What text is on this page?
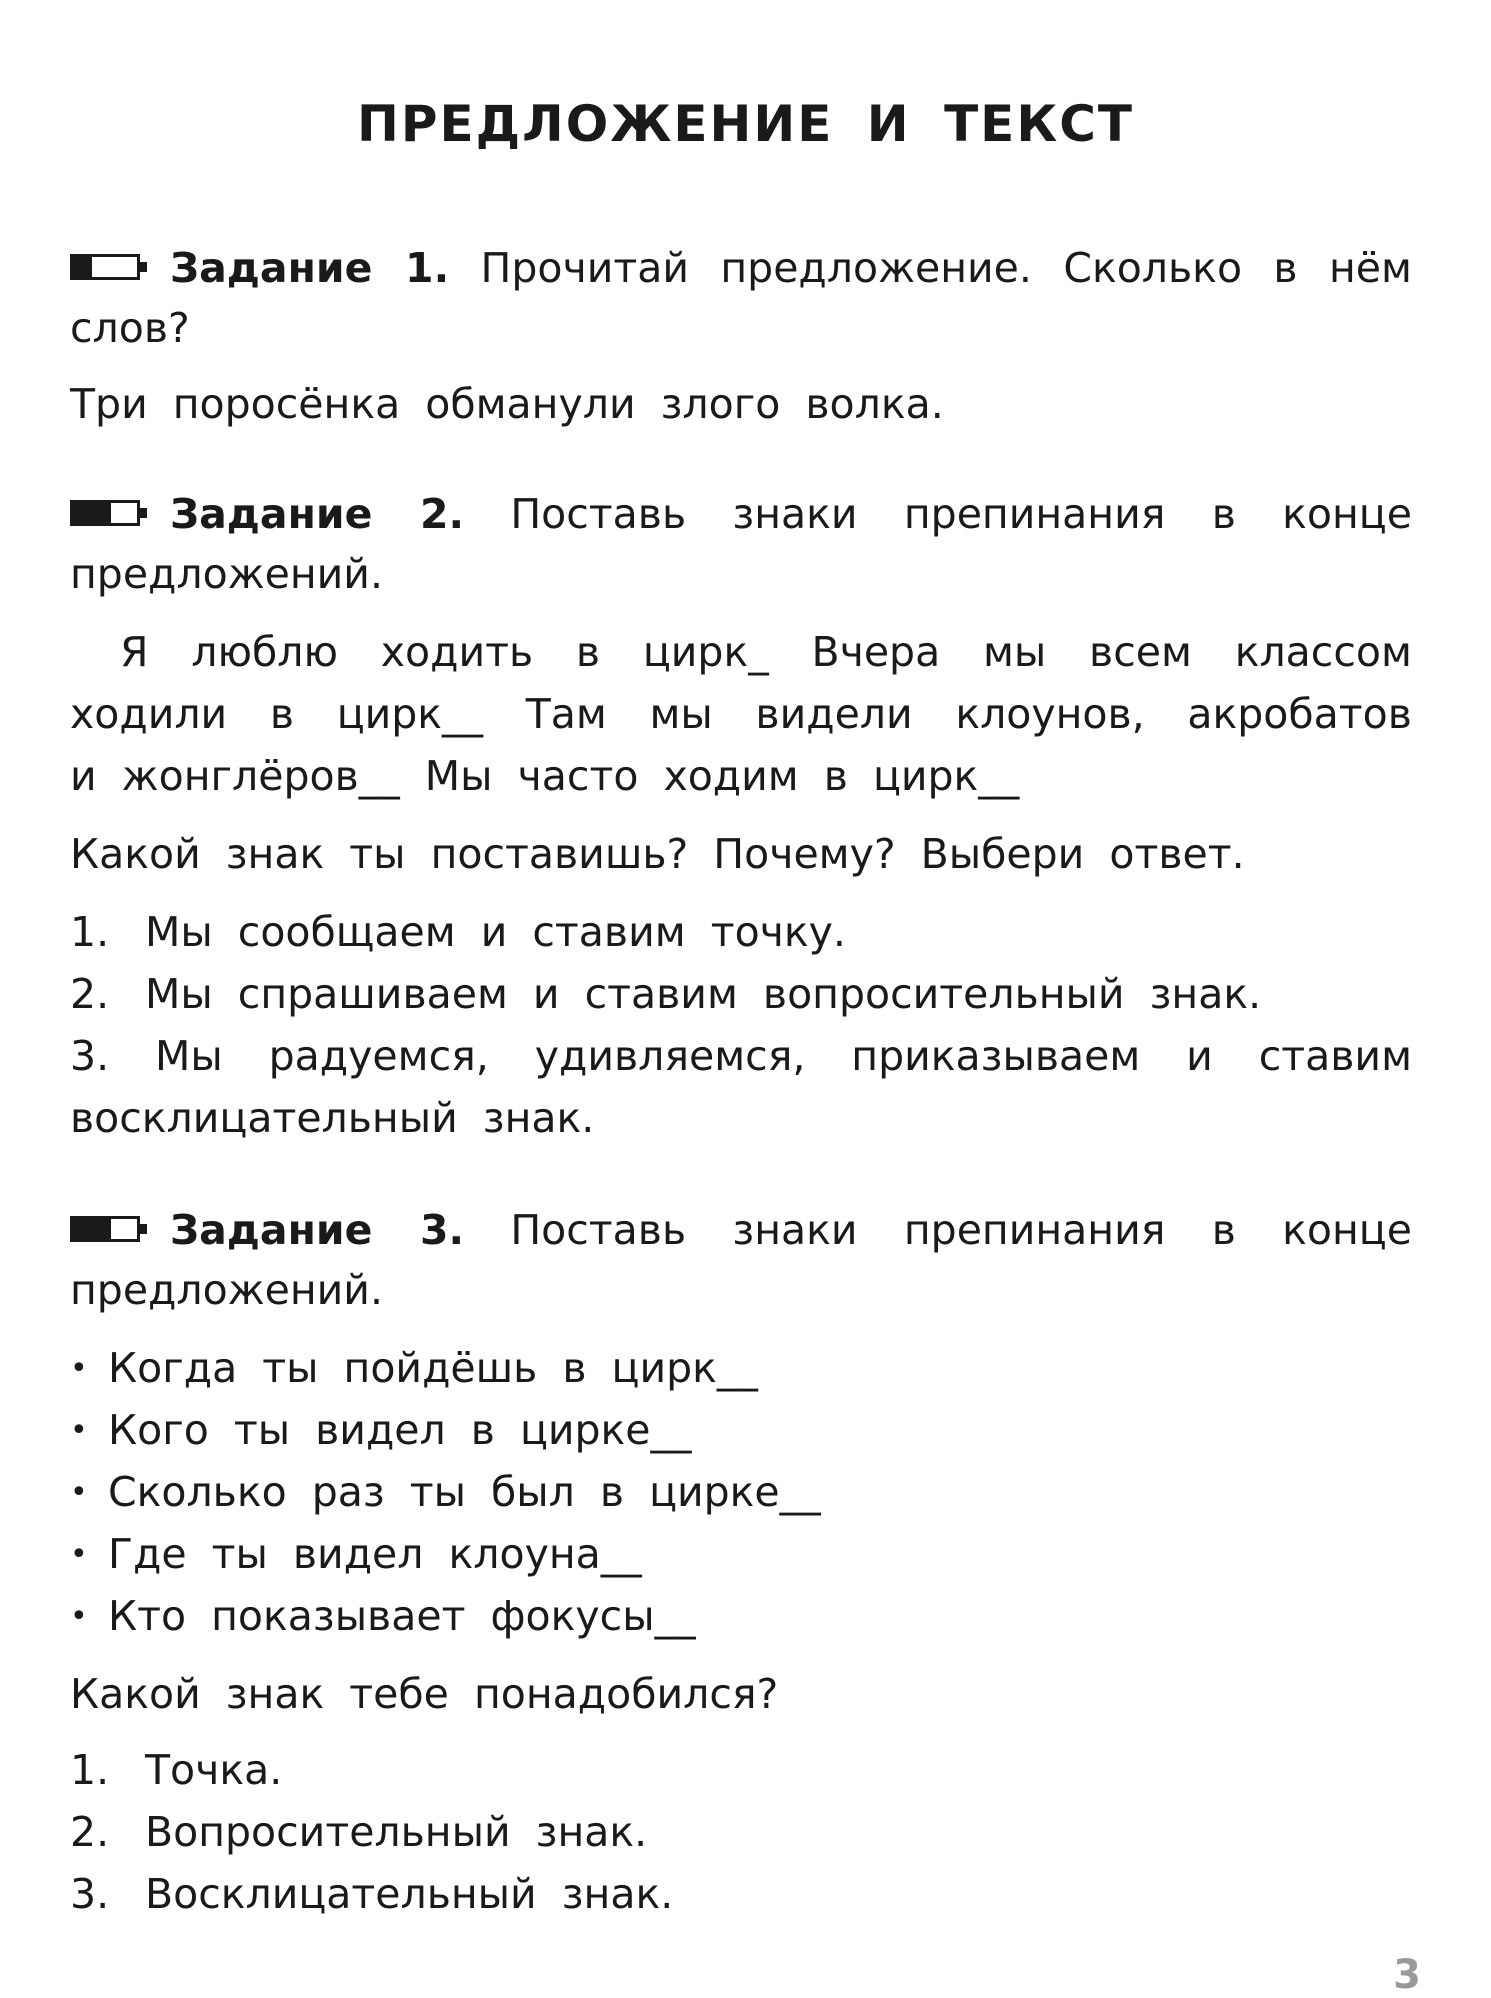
ПРЕДЛОЖЕНИЕ И ТЕКСТ
Задание 1. Прочитай предложение. Сколько в нём
слов?
Три поросёнка обманули злого волка.
Задание 2. Поставь знаки препинания в конце
предложений.
Я люблю ходить в цирк_ Вчера мы всем классом
ходили в цирк__ Там мы видели клоунов, акробатов
и жонглёров__ Мы часто ходим в цирк__
Какой знак ты поставишь? Почему? Выбери ответ.
1. Мы сообщаем и ставим точку.
2. Мы спрашиваем и ставим вопросительный знак.
3. Мы радуемся, удивляемся, приказываем и ставим
восклицательный знак.
Задание 3. Поставь знаки препинания в конце
предложений.
• Когда ты пойдёшь в цирк__
• Кого ты видел в цирке__
• Сколько раз ты был в цирке__
• Где ты видел клоуна__
• Кто показывает фокусы__
Какой знак тебе понадобился?
1. Точка.
2. Вопросительный знак.
3. Восклицательный знак.
3
